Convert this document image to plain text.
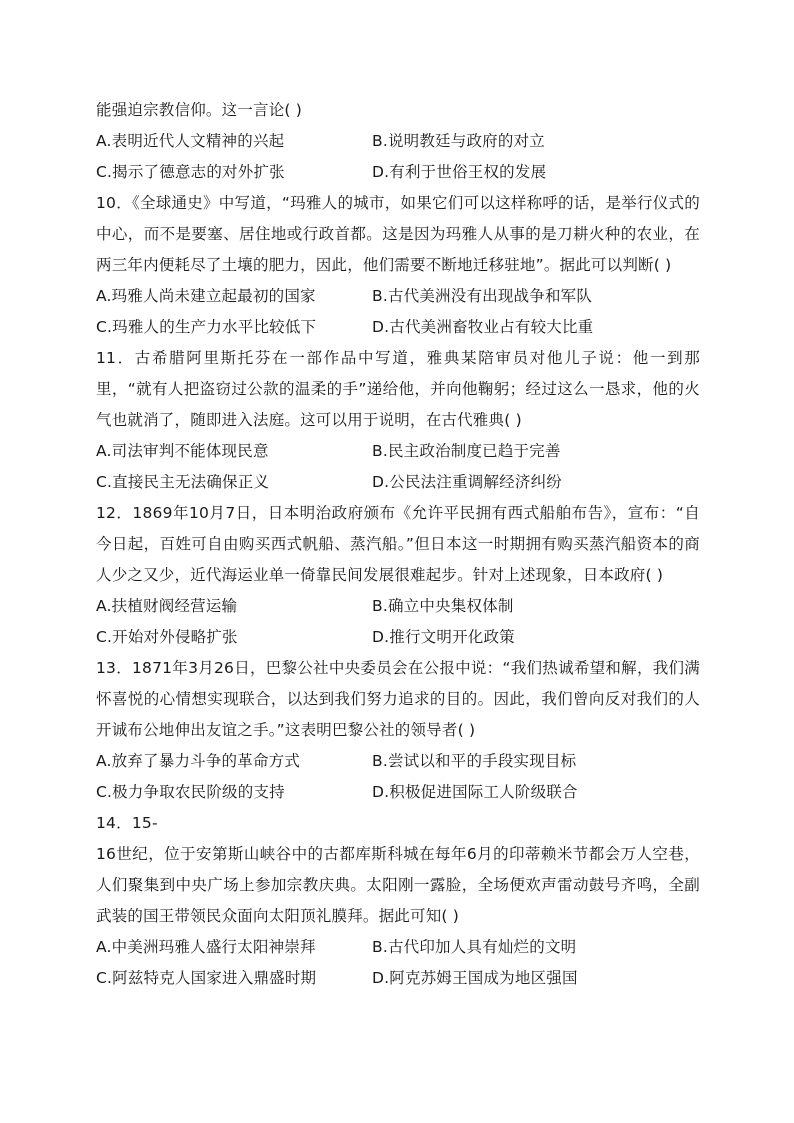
能强迫宗教信仰。这一言论( )
A.表明近代人文精神的兴起	B.说明教廷与政府的对立
C.揭示了德意志的对外扩张	D.有利于世俗王权的发展
10．《全球通史》中写道，“玛雅人的城市，如果它们可以这样称呼的话，是举行仪式的中心，而不是要塞、居住地或行政首都。这是因为玛雅人从事的是刀耕火种的农业，在两三年内便耗尽了土壤的肥力，因此，他们需要不断地迁移驻地”。据此可以判断( )
A.玛雅人尚未建立起最初的国家	B.古代美洲没有出现战争和军队
C.玛雅人的生产力水平比较低下	D.古代美洲畜牧业占有较大比重
11．古希腊阿里斯托芬在一部作品中写道，雅典某陪审员对他儿子说：他一到那里，“就有人把盗窃过公款的温柔的手”递给他，并向他鞠躬；经过这么一恳求，他的火气也就消了，随即进入法庭。这可以用于说明，在古代雅典( )
A.司法审判不能体现民意	B.民主政治制度已趋于完善
C.直接民主无法确保正义	D.公民法注重调解经济纠纷
12．1869年10月7日，日本明治政府颁布《允许平民拥有西式船舶布告》，宣布：“自今日起，百姓可自由购买西式帆船、蒸汽船。”但日本这一时期拥有购买蒸汽船资本的商人少之又少，近代海运业单一倚靠民间发展很难起步。针对上述现象，日本政府( )
A.扶植财阀经营运输	B.确立中央集权体制
C.开始对外侵略扩张	D.推行文明开化政策
13．1871年3月26日，巴黎公社中央委员会在公报中说：“我们热诚希望和解，我们满怀喜悦的心情想实现联合，以达到我们努力追求的目的。因此，我们曾向反对我们的人开诚布公地伸出友谊之手。”这表明巴黎公社的领导者( )
A.放弃了暴力斗争的革命方式	B.尝试以和平的手段实现目标
C.极力争取农民阶级的支持	D.积极促进国际工人阶级联合
14．15-
16世纪，位于安第斯山峡谷中的古都库斯科城在每年6月的印蒂赖米节都会万人空巷，人们聚集到中央广场上参加宗教庆典。太阳刚一露脸，全场便欢声雷动鼓号齐鸣，全副武装的国王带领民众面向太阳顶礼膜拜。据此可知( )
A.中美洲玛雅人盛行太阳神崇拜	B.古代印加人具有灿烂的文明
C.阿兹特克人国家进入鼎盛时期	D.阿克苏姆王国成为地区强国
